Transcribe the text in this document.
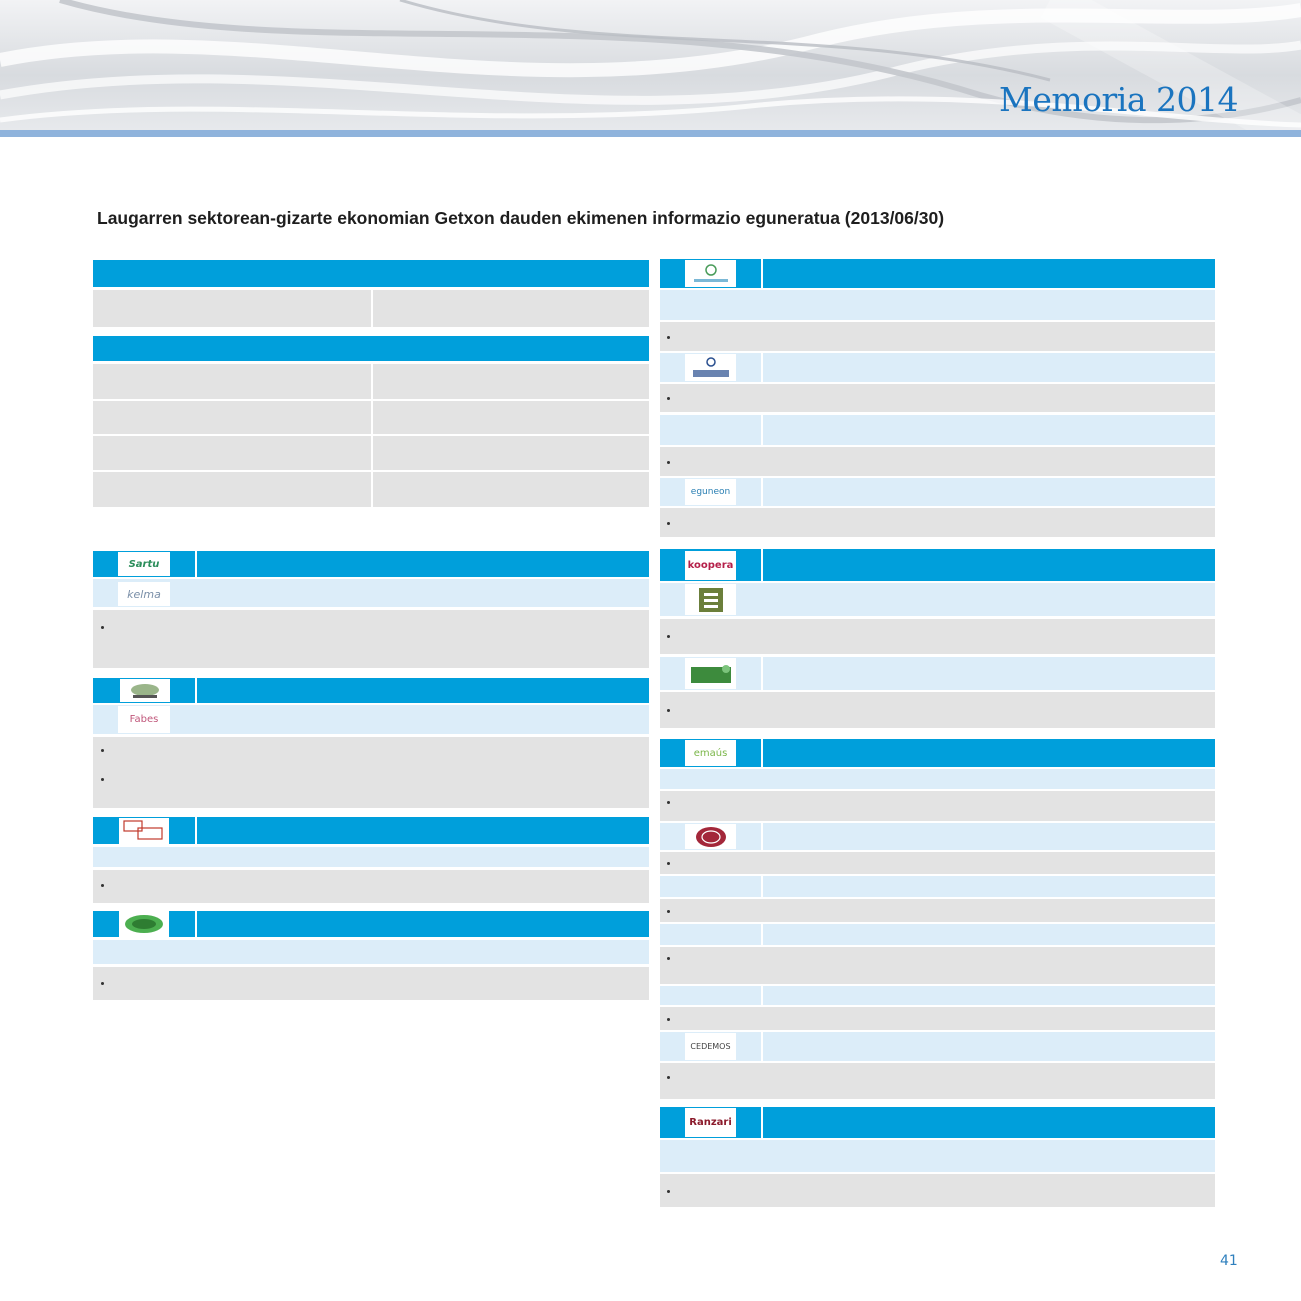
Memoria 2014
Laugarren sektorean-gizarte ekonomian Getxon dauden ekimenen informazio eguneratua (2013/06/30)
Sartu
kelma
Fabes
eguneon
koopera
emaús
CEDEMOS
Ranzari
41
